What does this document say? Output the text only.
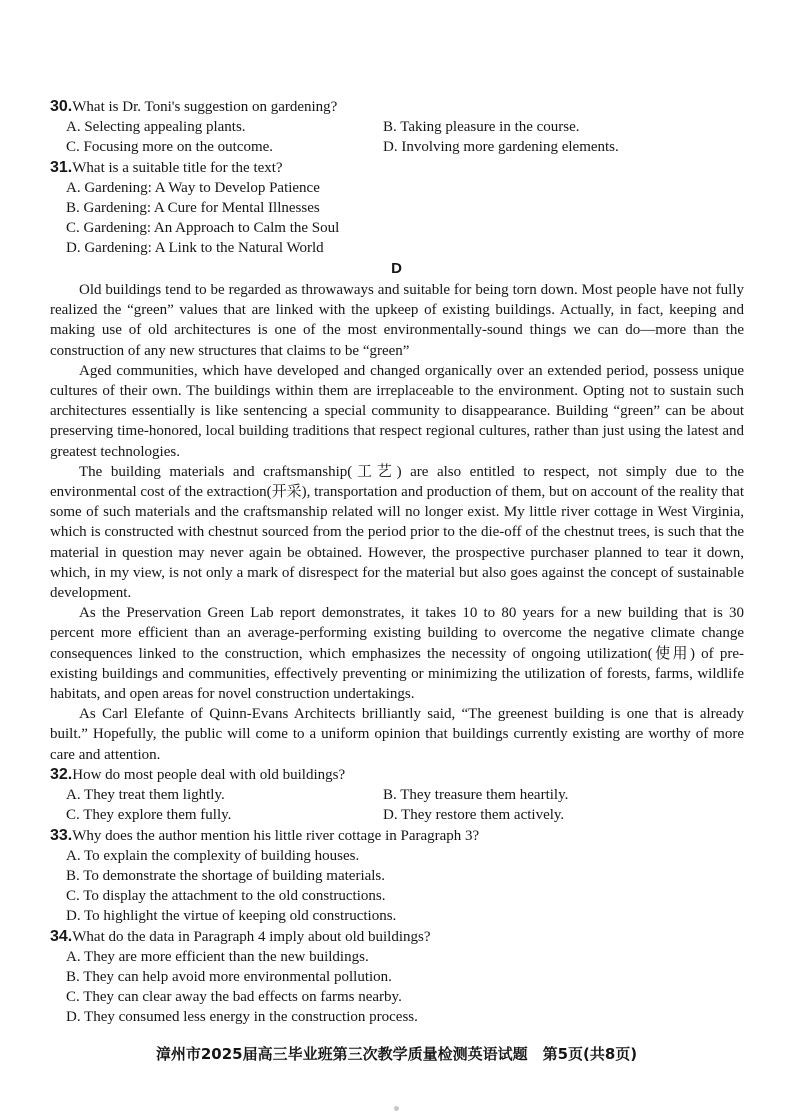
30.What is Dr. Toni's suggestion on gardening?
A. Selecting appealing plants.	B. Taking pleasure in the course.
C. Focusing more on the outcome.	D. Involving more gardening elements.
31.What is a suitable title for the text?
A. Gardening: A Way to Develop Patience
B. Gardening: A Cure for Mental Illnesses
C. Gardening: An Approach to Calm the Soul
D. Gardening: A Link to the Natural World
D

Old buildings tend to be regarded as throwaways and suitable for being torn down. Most people have not fully realized the “green” values that are linked with the upkeep of existing buildings. Actually, in fact, keeping and making use of old architectures is one of the most environmentally-sound things we can do—more than the construction of any new structures that claims to be “green”

Aged communities, which have developed and changed organically over an extended period, possess unique cultures of their own. The buildings within them are irreplaceable to the environment. Opting not to sustain such architectures essentially is like sentencing a special community to disappearance. Building “green” can be about preserving time-honored, local building traditions that respect regional cultures, rather than just using the latest and greatest technologies.

The building materials and craftsmanship(工艺) are also entitled to respect, not simply due to the environmental cost of the extraction(开采), transportation and production of them, but on account of the reality that some of such materials and the craftsmanship related will no longer exist. My little river cottage in West Virginia, which is constructed with chestnut sourced from the period prior to the die-off of the chestnut trees, is such that the material in question may never again be obtained. However, the prospective purchaser planned to tear it down, which, in my view, is not only a mark of disrespect for the material but also goes against the concept of sustainable development.

As the Preservation Green Lab report demonstrates, it takes 10 to 80 years for a new building that is 30 percent more efficient than an average-performing existing building to overcome the negative climate change consequences linked to the construction, which emphasizes the necessity of ongoing utilization(使用) of pre-existing buildings and communities, effectively preventing or minimizing the utilization of forests, farms, wildlife habitats, and open areas for novel construction undertakings.

As Carl Elefante of Quinn-Evans Architects brilliantly said, “The greenest building is one that is already built.” Hopefully, the public will come to a uniform opinion that buildings currently existing are worthy of more care and attention.

32.How do most people deal with old buildings?
A. They treat them lightly.	B. They treasure them heartily.
C. They explore them fully.	D. They restore them actively.
33.Why does the author mention his little river cottage in Paragraph 3?
A. To explain the complexity of building houses.
B. To demonstrate the shortage of building materials.
C. To display the attachment to the old constructions.
D. To highlight the virtue of keeping old constructions.
34.What do the data in Paragraph 4 imply about old buildings?
A. They are more efficient than the new buildings.
B. They can help avoid more environmental pollution.
C. They can clear away the bad effects on farms nearby.
D. They consumed less energy in the construction process.
漳州市2025届高三毕业班第三次教学质量检测英语试题　第5页(共8页)
